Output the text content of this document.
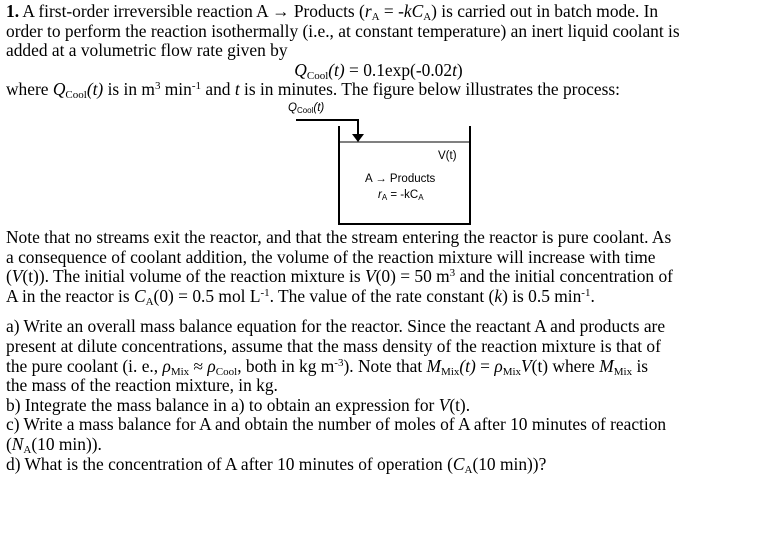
1. A first-order irreversible reaction A → Products $(r_A = -kC_A)$ is carried out in batch mode. In

order to perform the reaction isothermally (i.e., at constant temperature) an inert liquid coolant is

added at a volumetric flow rate given by

$Q_{Cool}(t) = 0.1\exp(-0.02t)$

where $Q_{Cool}(t)$ is in $m^3$ $\min^{-1}$ and t is in minutes. The figure below illustrates the process:

$Q_{Cool}(t)$
V(t)
A → Products
$r_A = -kC_A$

Note that no streams exit the reactor, and that the stream entering the reactor is pure coolant. As

a consequence of coolant addition, the volume of the reaction mixture will increase with time

(V(t)). The initial volume of the reaction mixture is V(0) = 50 $m^3$ and the initial concentration of

A in the reactor is $C_A(0) = 0.5$ mol $L^{-1}$. The value of the rate constant (k) is 0.5 $\min^{-1}$.

a) Write an overall mass balance equation for the reactor. Since the reactant A and products are

present at dilute concentrations, assume that the mass density of the reaction mixture is that of

the pure coolant (i. e., $\rho_{Mix} \approx \rho_{Cool}$, both in kg $m^{-3}$). Note that $M_{Mix}(t) = \rho_{Mix}V(t)$ where $M_{Mix}$ is

the mass of the reaction mixture, in kg.

b) Integrate the mass balance in a) to obtain an expression for V(t).

c) Write a mass balance for A and obtain the number of moles of A after 10 minutes of reaction

($N_A(10$ min)).

d) What is the concentration of A after 10 minutes of operation ($C_A(10$ min))?
